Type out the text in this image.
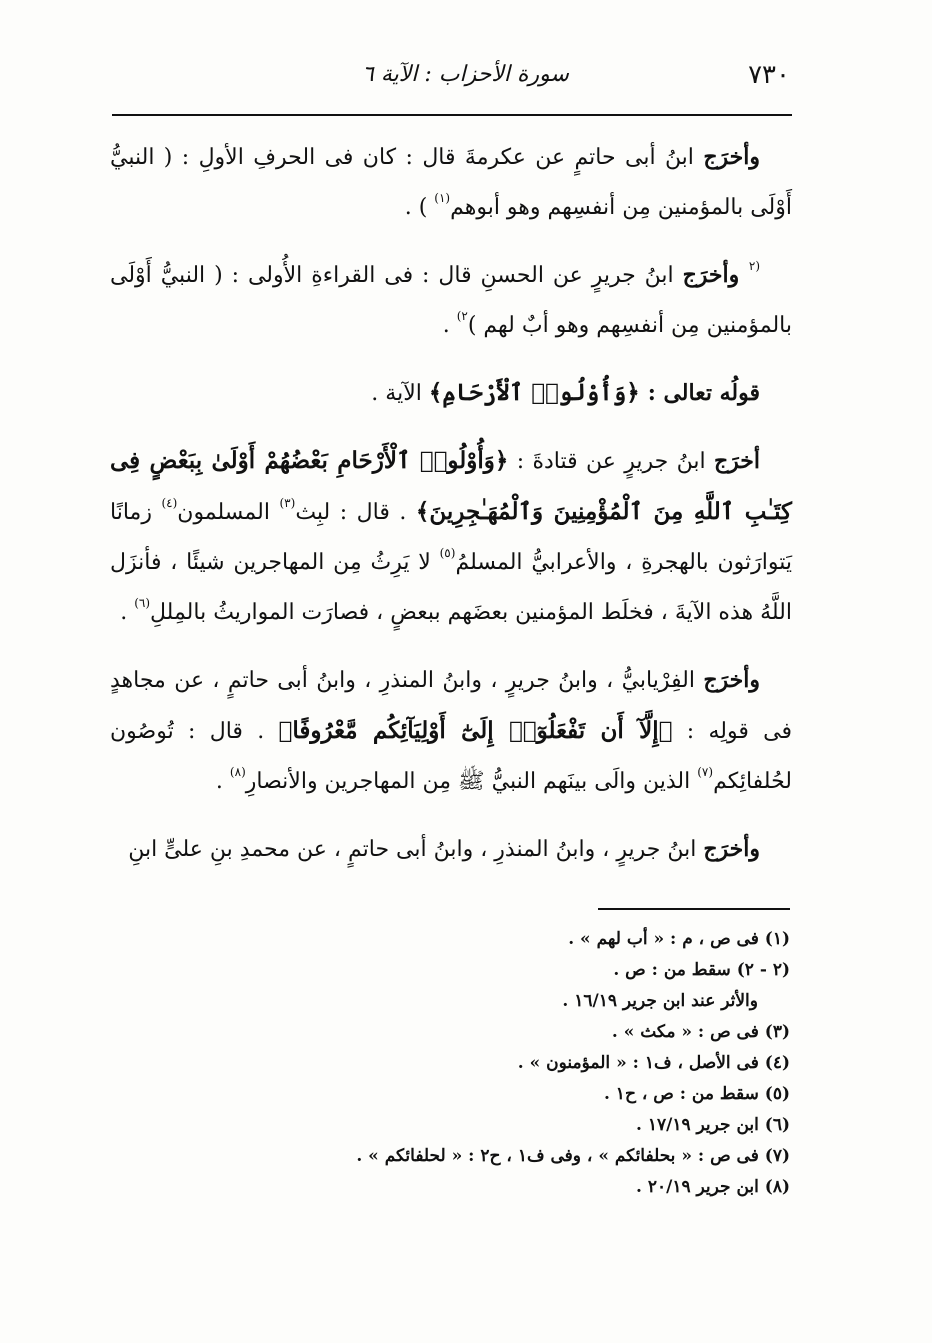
٧٣٠
سورة الأحزاب : الآية ٦

وأخرَج ابنُ أبى حاتمٍ عن عكرمةَ قال : كان فى الحرفِ الأولِ : ( النبيُّ أَوْلَى بالمؤمنين مِن أنفسِهم وهو أبوهم$^{(١)}$ ) .

$^{(٢}$ وأخرَج ابنُ جريرٍ عن الحسنِ قال : فى القراءةِ الأُولى : ( النبيُّ أَوْلَى بالمؤمنين مِن أنفسِهم وهو أبٌ لهم )$^{٢)}$ .

قولُه تعالى : ﴿وَأُوْلُوا۟ ٱلْأَرْحَامِ﴾ الآية .

أخرَج ابنُ جريرٍ عن قتادةَ : ﴿وَأُوْلُوا۟ ٱلْأَرْحَامِ بَعْضُهُمْ أَوْلَىٰ بِبَعْضٍ فِى كِتَـٰبِ ٱللَّهِ مِنَ ٱلْمُؤْمِنِينَ وَٱلْمُهَـٰجِرِينَ﴾ . قال : لبِث$^{(٣)}$ المسلمون$^{(٤)}$ زمانًا يَتوارَثون بالهجرةِ ، والأعرابيُّ المسلمُ$^{(٥)}$ لا يَرِثُ مِن المهاجرين شيئًا ، فأنزَل اللَّهُ هذه الآيةَ ، فخلَط المؤمنين بعضَهم ببعضٍ ، فصارَت المواريثُ بالمِللِ$^{(٦)}$ .

وأخرَج الفِرْيابيُّ ، وابنُ جريرٍ ، وابنُ المنذرِ ، وابنُ أبى حاتمٍ ، عن مجاهدٍ فى قولِه : ﴿إِلَّآ أَن تَفْعَلُوٓا۟ إِلَىٰٓ أَوْلِيَآئِكُم مَّعْرُوفًا﴾ . قال : تُوصُون لحُلفائِكم$^{(٧)}$ الذين والَى بينَهم النبيُّ ﷺ مِن المهاجرين والأنصارِ$^{(٨)}$ .

وأخرَج ابنُ جريرٍ ، وابنُ المنذرِ ، وابنُ أبى حاتمٍ ، عن محمدِ بنِ علىٍّ ابنِ

(١) فى ص ، م : « أب لهم » .

(٢ - ٢) سقط من : ص .

والأثر عند ابن جرير ١٦/١٩ .

(٣) فى ص : « مكث » .

(٤) فى الأصل ، ف١ : « المؤمنون » .

(٥) سقط من : ص ، ح١ .

(٦) ابن جرير ١٧/١٩ .

(٧) فى ص : « بحلفائكم » ، وفى ف١ ، ح٢ : « لحلفائكم » .

(٨) ابن جرير ٢٠/١٩ .
